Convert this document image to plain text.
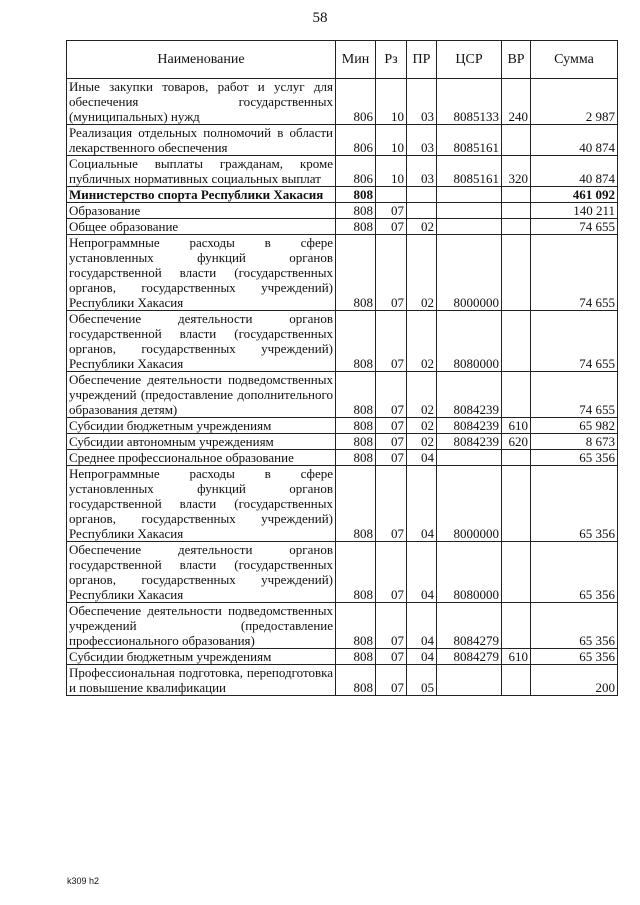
58
Наименование	Мин	Рз	ПР	ЦСР	ВР	Сумма
Иные закупки товаров, работ и услуг для обеспечения государственных (муниципальных) нужд	806	10	03	8085133	240	2 987
Реализация отдельных полномочий в области лекарственного обеспечения	806	10	03	8085161		40 874
Социальные выплаты гражданам, кроме публичных нормативных социальных выплат	806	10	03	8085161	320	40 874
Министерство спорта Республики Хакасия	808					461 092
Образование	808	07				140 211
Общее образование	808	07	02			74 655
Непрограммные расходы в сфере установленных функций органов государственной власти (государственных органов, государственных учреждений) Республики Хакасия	808	07	02	8000000		74 655
Обеспечение деятельности органов государственной власти (государственных органов, государственных учреждений) Республики Хакасия	808	07	02	8080000		74 655
Обеспечение деятельности подведомственных учреждений (предоставление дополнительного образования детям)	808	07	02	8084239		74 655
Субсидии бюджетным учреждениям	808	07	02	8084239	610	65 982
Субсидии автономным учреждениям	808	07	02	8084239	620	8 673
Среднее профессиональное образование	808	07	04			65 356
Непрограммные расходы в сфере установленных функций органов государственной власти (государственных органов, государственных учреждений) Республики Хакасия	808	07	04	8000000		65 356
Обеспечение деятельности органов государственной власти (государственных органов, государственных учреждений) Республики Хакасия	808	07	04	8080000		65 356
Обеспечение деятельности подведомственных учреждений (предоставление профессионального образования)	808	07	04	8084279		65 356
Субсидии бюджетным учреждениям	808	07	04	8084279	610	65 356
Профессиональная подготовка, переподготовка и повышение квалификации	808	07	05			200
k309 h2
